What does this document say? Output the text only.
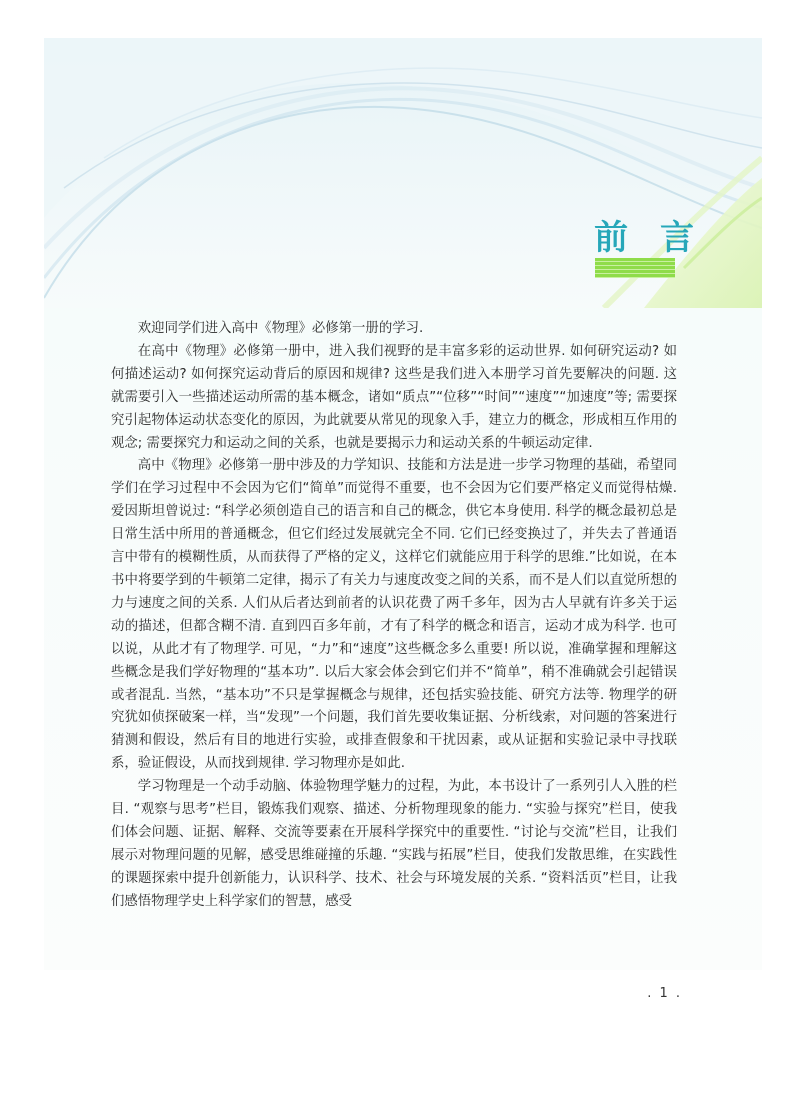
前 言

欢迎同学们进入高中《物理》必修第一册的学习.

在高中《物理》必修第一册中，进入我们视野的是丰富多彩的运动世界. 如何研究运动? 如何描述运动? 如何探究运动背后的原因和规律? 这些是我们进入本册学习首先要解决的问题. 这就需要引入一些描述运动所需的基本概念，诸如“质点”“位移”“时间”“速度”“加速度”等; 需要探究引起物体运动状态变化的原因，为此就要从常见的现象入手，建立力的概念，形成相互作用的观念; 需要探究力和运动之间的关系，也就是要揭示力和运动关系的牛顿运动定律.

高中《物理》必修第一册中涉及的力学知识、技能和方法是进一步学习物理的基础，希望同学们在学习过程中不会因为它们“简单”而觉得不重要，也不会因为它们要严格定义而觉得枯燥. 爱因斯坦曾说过: “科学必须创造自己的语言和自己的概念，供它本身使用. 科学的概念最初总是日常生活中所用的普通概念，但它们经过发展就完全不同. 它们已经变换过了，并失去了普通语言中带有的模糊性质，从而获得了严格的定义，这样它们就能应用于科学的思维.”比如说，在本书中将要学到的牛顿第二定律，揭示了有关力与速度改变之间的关系，而不是人们以直觉所想的力与速度之间的关系. 人们从后者达到前者的认识花费了两千多年，因为古人早就有许多关于运动的描述，但都含糊不清. 直到四百多年前，才有了科学的概念和语言，运动才成为科学. 也可以说，从此才有了物理学. 可见，“力”和“速度”这些概念多么重要! 所以说，准确掌握和理解这些概念是我们学好物理的“基本功”. 以后大家会体会到它们并不“简单”，稍不准确就会引起错误或者混乱. 当然，“基本功”不只是掌握概念与规律，还包括实验技能、研究方法等. 物理学的研究犹如侦探破案一样，当“发现”一个问题，我们首先要收集证据、分析线索，对问题的答案进行猜测和假设，然后有目的地进行实验，或排查假象和干扰因素，或从证据和实验记录中寻找联系，验证假设，从而找到规律. 学习物理亦是如此.

学习物理是一个动手动脑、体验物理学魅力的过程，为此，本书设计了一系列引人入胜的栏目. “观察与思考”栏目，锻炼我们观察、描述、分析物理现象的能力. “实验与探究”栏目，使我们体会问题、证据、解释、交流等要素在开展科学探究中的重要性. “讨论与交流”栏目，让我们展示对物理问题的见解，感受思维碰撞的乐趣. “实践与拓展”栏目，使我们发散思维，在实践性的课题探索中提升创新能力，认识科学、技术、社会与环境发展的关系. “资料活页”栏目，让我们感悟物理学史上科学家们的智慧，感受

. 1 .
